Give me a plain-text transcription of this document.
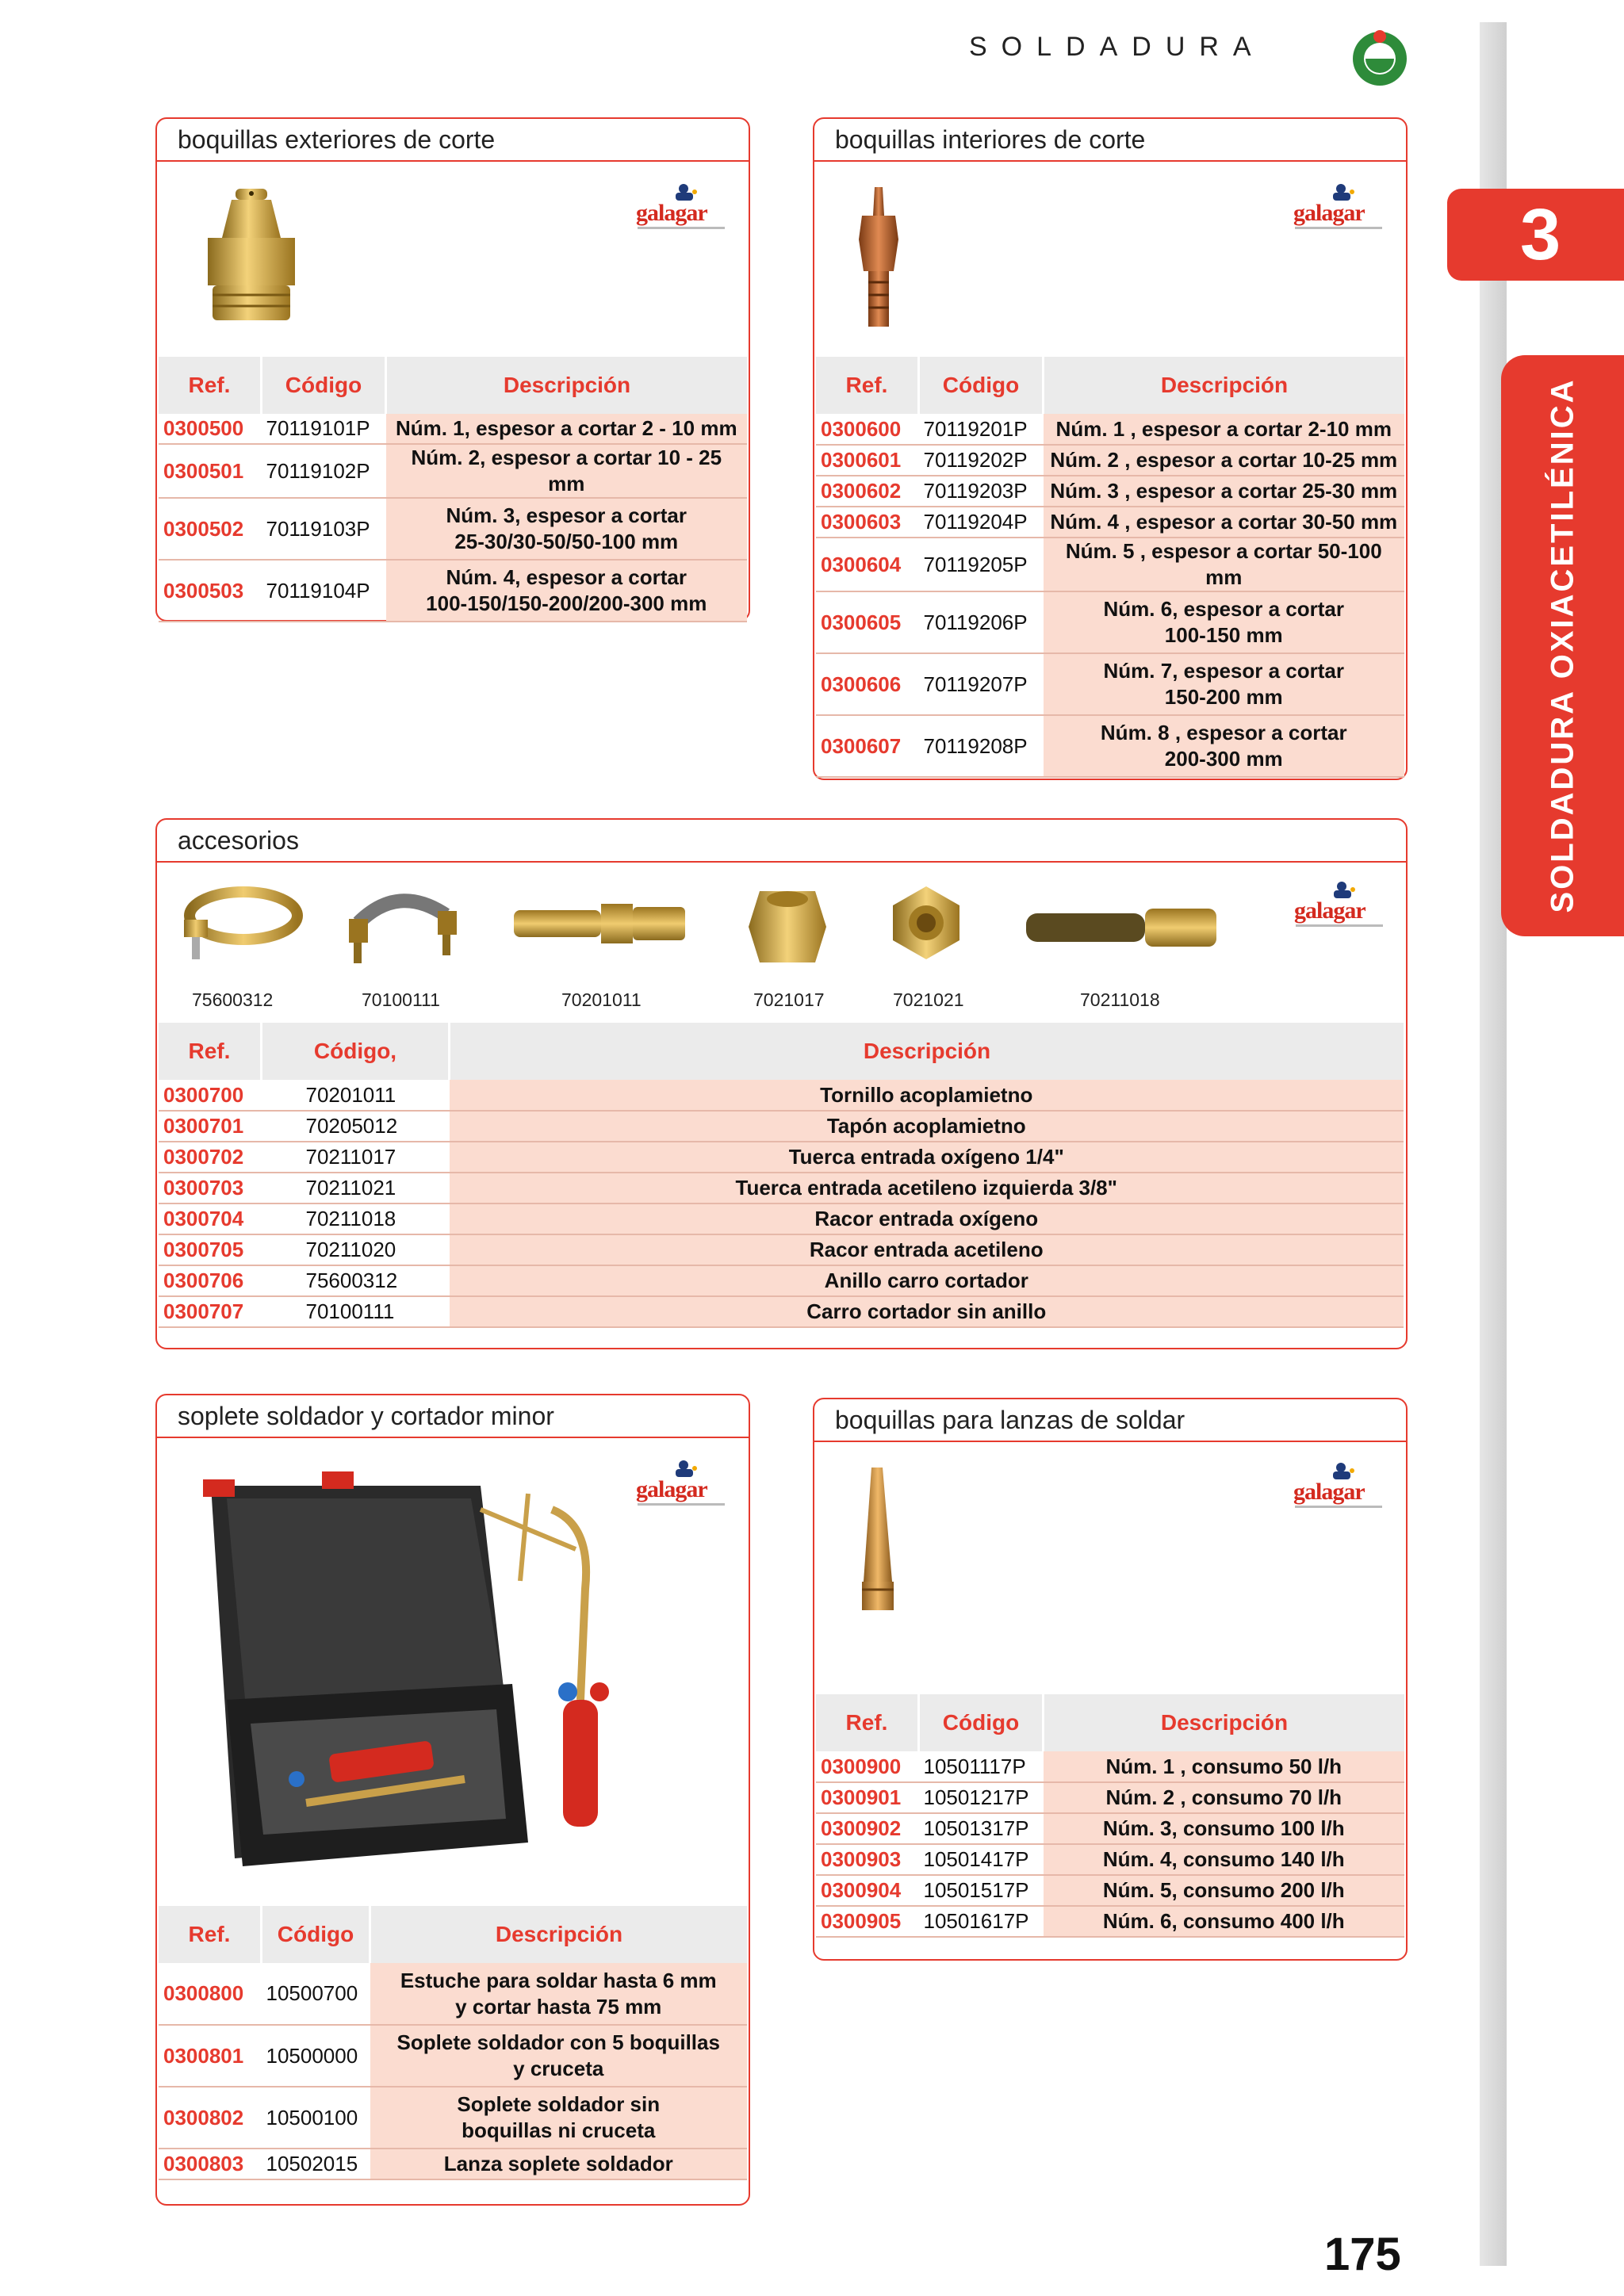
SOLDADURA
3
SOLDADURA OXIACETILÉNICA
boquillas exteriores de corte
galagar
Ref.	Código	Descripción
0300500	70119101P	Núm. 1, espesor a cortar 2 - 10 mm
0300501	70119102P	Núm. 2, espesor a cortar 10 - 25 mm
0300502	70119103P	Núm. 3, espesor a cortar
25-30/30-50/50-100 mm

0300503	70119104P	Núm. 4, espesor a cortar
100-150/150-200/200-300 mm
boquillas interiores de corte
galagar
Ref.	Código	Descripción
0300600	70119201P	Núm. 1 , espesor a cortar 2-10 mm
0300601	70119202P	Núm. 2 , espesor a cortar 10-25 mm
0300602	70119203P	Núm. 3 , espesor a cortar 25-30 mm
0300603	70119204P	Núm. 4 , espesor a cortar 30-50 mm
0300604	70119205P	Núm. 5 , espesor a cortar 50-100 mm
0300605	70119206P	Núm. 6, espesor a cortar
100-150 mm

0300606	70119207P	Núm. 7, espesor a cortar
150-200 mm

0300607	70119208P	Núm. 8 , espesor a cortar
200-300 mm
accesorios
galagar
75600312	70100111	70201011	7021017	7021021	70211018
Ref.	Código,	Descripción
0300700	70201011	Tornillo acoplamietno
0300701	70205012	Tapón acoplamietno
0300702	70211017	Tuerca entrada oxígeno 1/4"
0300703	70211021	Tuerca entrada acetileno izquierda 3/8"
0300704	70211018	Racor entrada oxígeno
0300705	70211020	Racor entrada acetileno
0300706	75600312	Anillo carro cortador
0300707	70100111	Carro cortador sin anillo
soplete soldador y cortador minor
galagar
Ref.	Código	Descripción
0300800	10500700	Estuche para soldar hasta 6 mm
y cortar hasta 75 mm

0300801	10500000	Soplete soldador con 5 boquillas
y cruceta

0300802	10500100	Soplete soldador sin
boquillas ni cruceta

0300803	10502015	Lanza soplete soldador
boquillas para lanzas de soldar
galagar
Ref.	Código	Descripción
0300900	10501117P	Núm. 1 , consumo 50 l/h
0300901	10501217P	Núm. 2 , consumo 70 l/h
0300902	10501317P	Núm. 3, consumo 100 l/h
0300903	10501417P	Núm. 4, consumo 140 l/h
0300904	10501517P	Núm. 5, consumo 200 l/h
0300905	10501617P	Núm. 6, consumo 400 l/h
175
